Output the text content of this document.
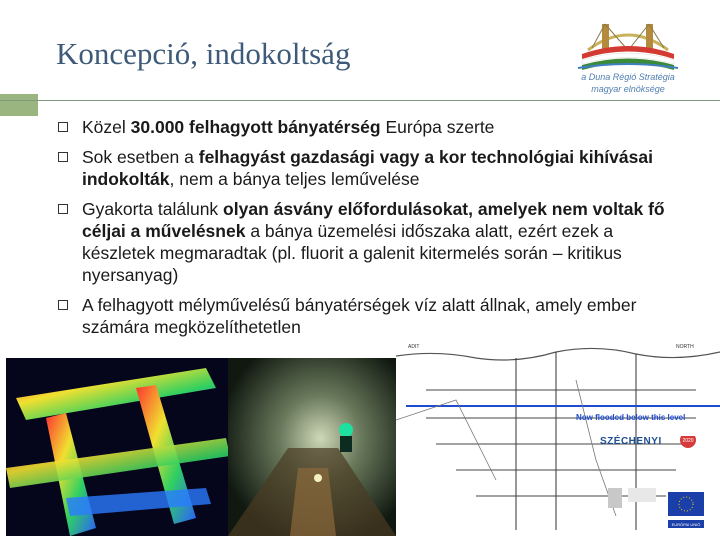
Koncepció, indokoltság
a Duna Régió Stratégia
magyar elnöksége
Közel 30.000 felhagyott bányatérség Európa szerte
Sok esetben a felhagyást gazdasági vagy a kor technológiai kihívásai indokolták, nem a bánya teljes leművelése
Gyakorta találunk olyan ásvány előfordulásokat, amelyek nem voltak fő céljai a művelésnek a bánya üzemelési időszaka alatt, ezért ezek a készletek megmaradtak (pl. fluorit a galenit kitermelés során – kritikus nyersanyag)
A felhagyott mélyművelésű bányatérségek víz alatt állnak, amely ember számára megközelíthetetlen
ADIT	NORTH
Now flooded below this level
SZÉCHENYI	2020
EURÓPAI UNIÓ
